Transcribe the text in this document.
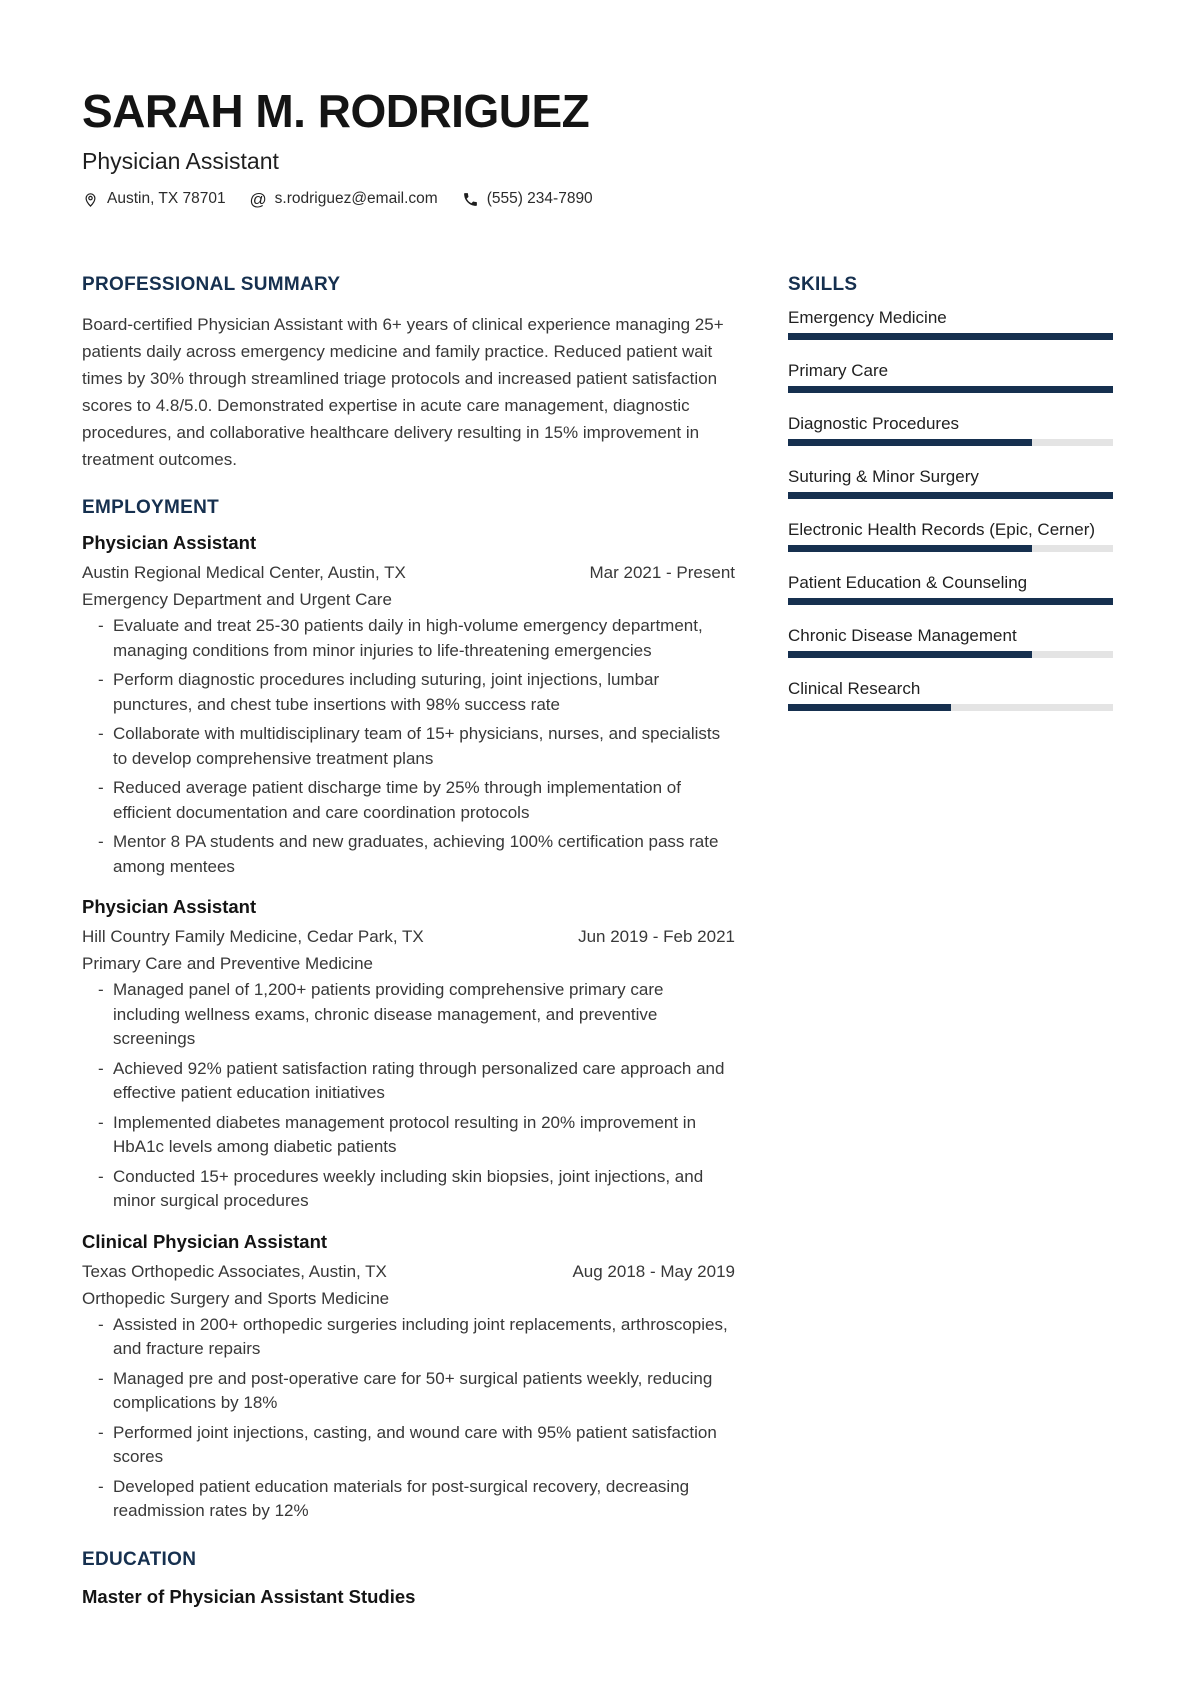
SARAH M. RODRIGUEZ
Physician Assistant
Austin, TX 78701 @ s.rodriguez@email.com	(555) 234-7890
PROFESSIONAL SUMMARY
Board-certified Physician Assistant with 6+ years of clinical experience managing 25+ patients daily across emergency medicine and family practice. Reduced patient wait times by 30% through streamlined triage protocols and increased patient satisfaction scores to 4.8/5.0. Demonstrated expertise in acute care management, diagnostic procedures, and collaborative healthcare delivery resulting in 15% improvement in treatment outcomes.
EMPLOYMENT
Physician Assistant
Austin Regional Medical Center, Austin, TX	Mar 2021 - Present
Emergency Department and Urgent Care
- Evaluate and treat 25-30 patients daily in high-volume emergency department, managing conditions from minor injuries to life-threatening emergencies
- Perform diagnostic procedures including suturing, joint injections, lumbar punctures, and chest tube insertions with 98% success rate
- Collaborate with multidisciplinary team of 15+ physicians, nurses, and specialists to develop comprehensive treatment plans
- Reduced average patient discharge time by 25% through implementation of efficient documentation and care coordination protocols
- Mentor 8 PA students and new graduates, achieving 100% certification pass rate among mentees
Physician Assistant
Hill Country Family Medicine, Cedar Park, TX	Jun 2019 - Feb 2021
Primary Care and Preventive Medicine
- Managed panel of 1,200+ patients providing comprehensive primary care including wellness exams, chronic disease management, and preventive screenings
- Achieved 92% patient satisfaction rating through personalized care approach and effective patient education initiatives
- Implemented diabetes management protocol resulting in 20% improvement in HbA1c levels among diabetic patients
- Conducted 15+ procedures weekly including skin biopsies, joint injections, and minor surgical procedures
Clinical Physician Assistant
Texas Orthopedic Associates, Austin, TX	Aug 2018 - May 2019
Orthopedic Surgery and Sports Medicine
- Assisted in 200+ orthopedic surgeries including joint replacements, arthroscopies, and fracture repairs
- Managed pre and post-operative care for 50+ surgical patients weekly, reducing complications by 18%
- Performed joint injections, casting, and wound care with 95% patient satisfaction scores
- Developed patient education materials for post-surgical recovery, decreasing readmission rates by 12%
EDUCATION
Master of Physician Assistant Studies
SKILLS
Emergency Medicine
Primary Care
Diagnostic Procedures
Suturing & Minor Surgery
Electronic Health Records (Epic, Cerner)
Patient Education & Counseling
Chronic Disease Management
Clinical Research
